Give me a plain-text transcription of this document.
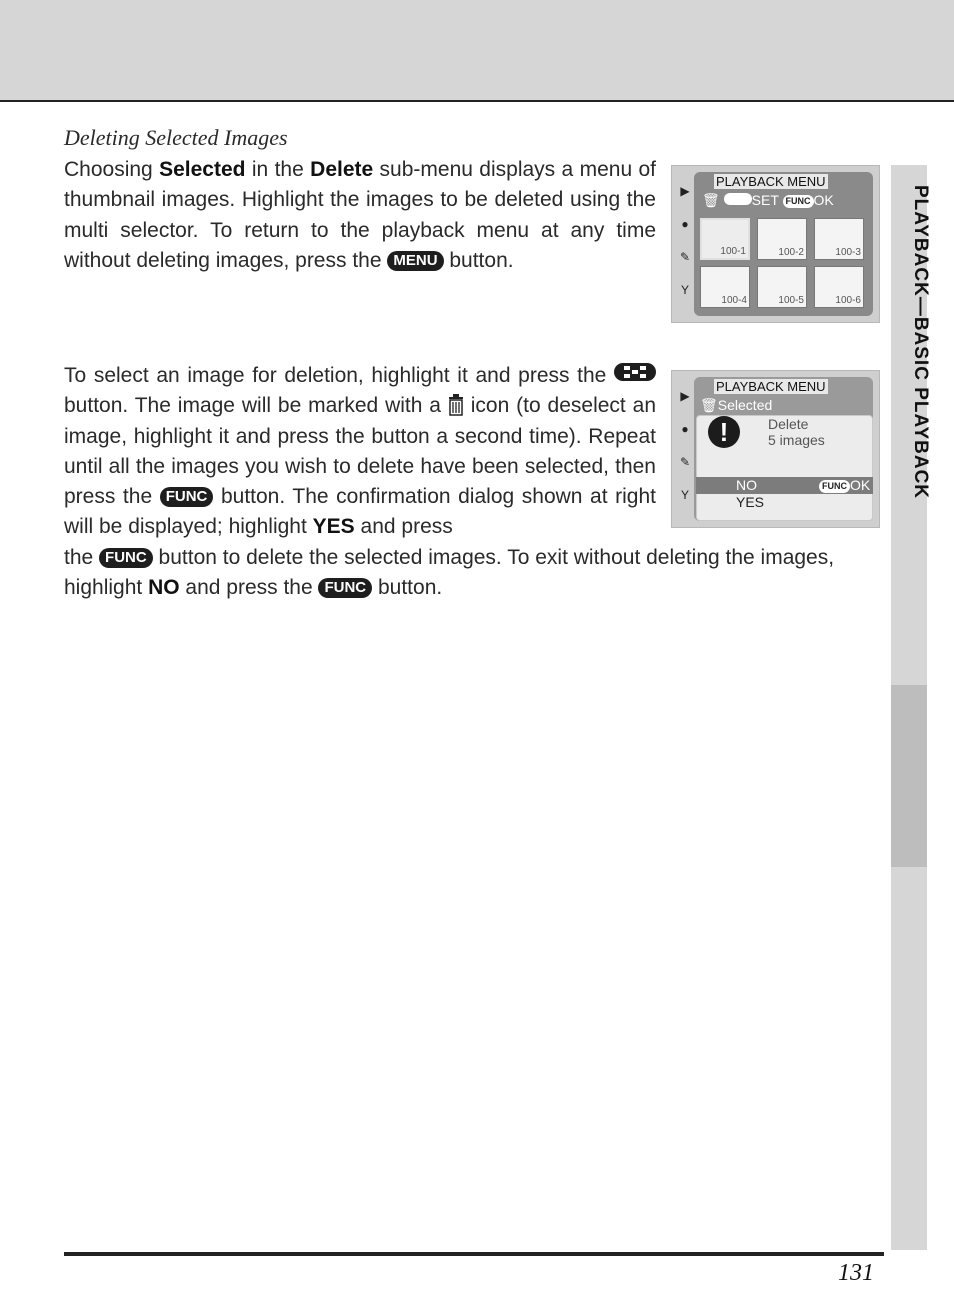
PLAYBACK—BASIC PLAYBACK
Deleting Selected Images
Choosing Selected in the Delete sub-menu displays a menu of thumbnail images. Highlight the images to be deleted using the multi selector. To return to the playback menu at any time without deleting images, press the MENU button.
To select an image for deletion, highlight it and press the
button. The image will be marked with a  icon (to deselect an image, highlight it and press the button a second time). Repeat until all the images you wish to delete have been selected, then press the FUNC button. The confirmation dialog shown at right will be displayed; highlight YES and press
the FUNC button to delete the selected images. To exit without deleting the images, highlight NO and press the FUNC button.
▶
●
✎
Y
PLAYBACK MENU
🗑 SET FUNC OK
100-1	100-2	100-3
100-4	100-5	100-6
▶
●
✎
Y
PLAYBACK MENU
🗑Selected
!	Delete
5 images
NO	FUNC OK
YES
131
